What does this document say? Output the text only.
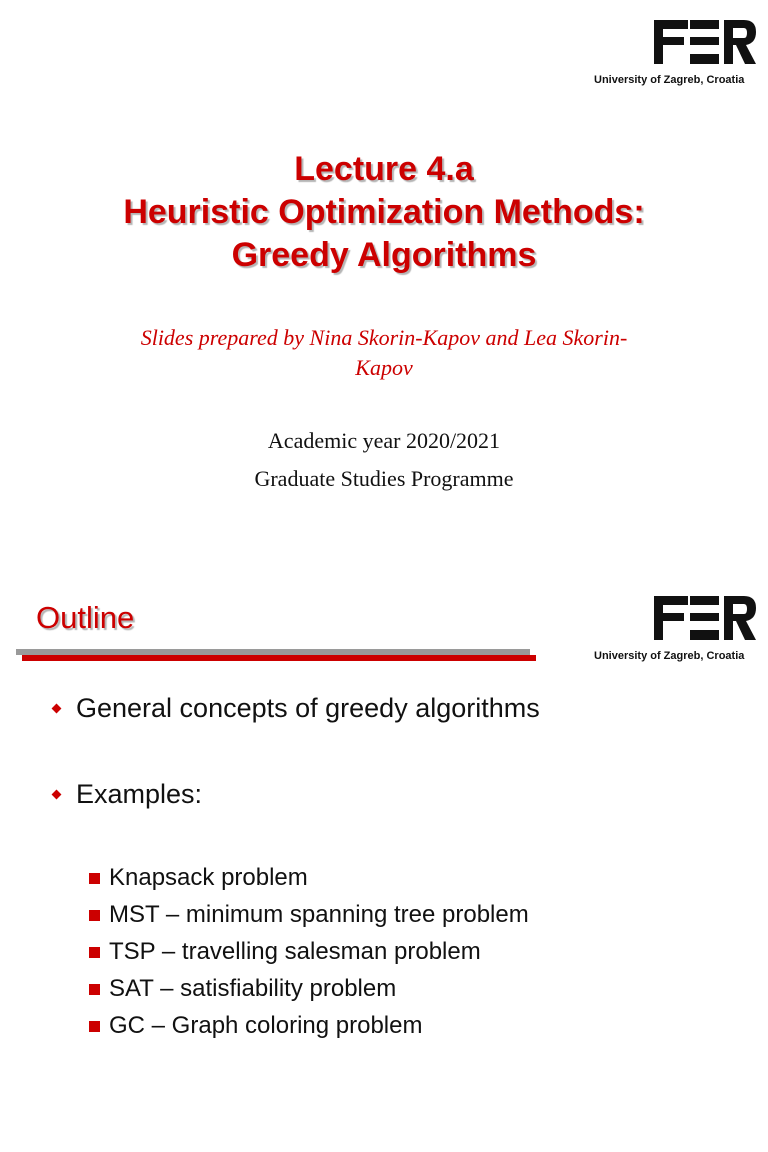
University of Zagreb, Croatia
Lecture 4.a
Heuristic Optimization Methods:
Greedy Algorithms
Slides prepared by Nina Skorin-Kapov and Lea Skorin-
Kapov
Academic year 2020/2021
Graduate Studies Programme
Outline
University of Zagreb, Croatia
General concepts of greedy algorithms
Examples:
Knapsack problem
MST – minimum spanning tree problem
TSP – travelling salesman problem
SAT – satisfiability problem
GC – Graph coloring problem
